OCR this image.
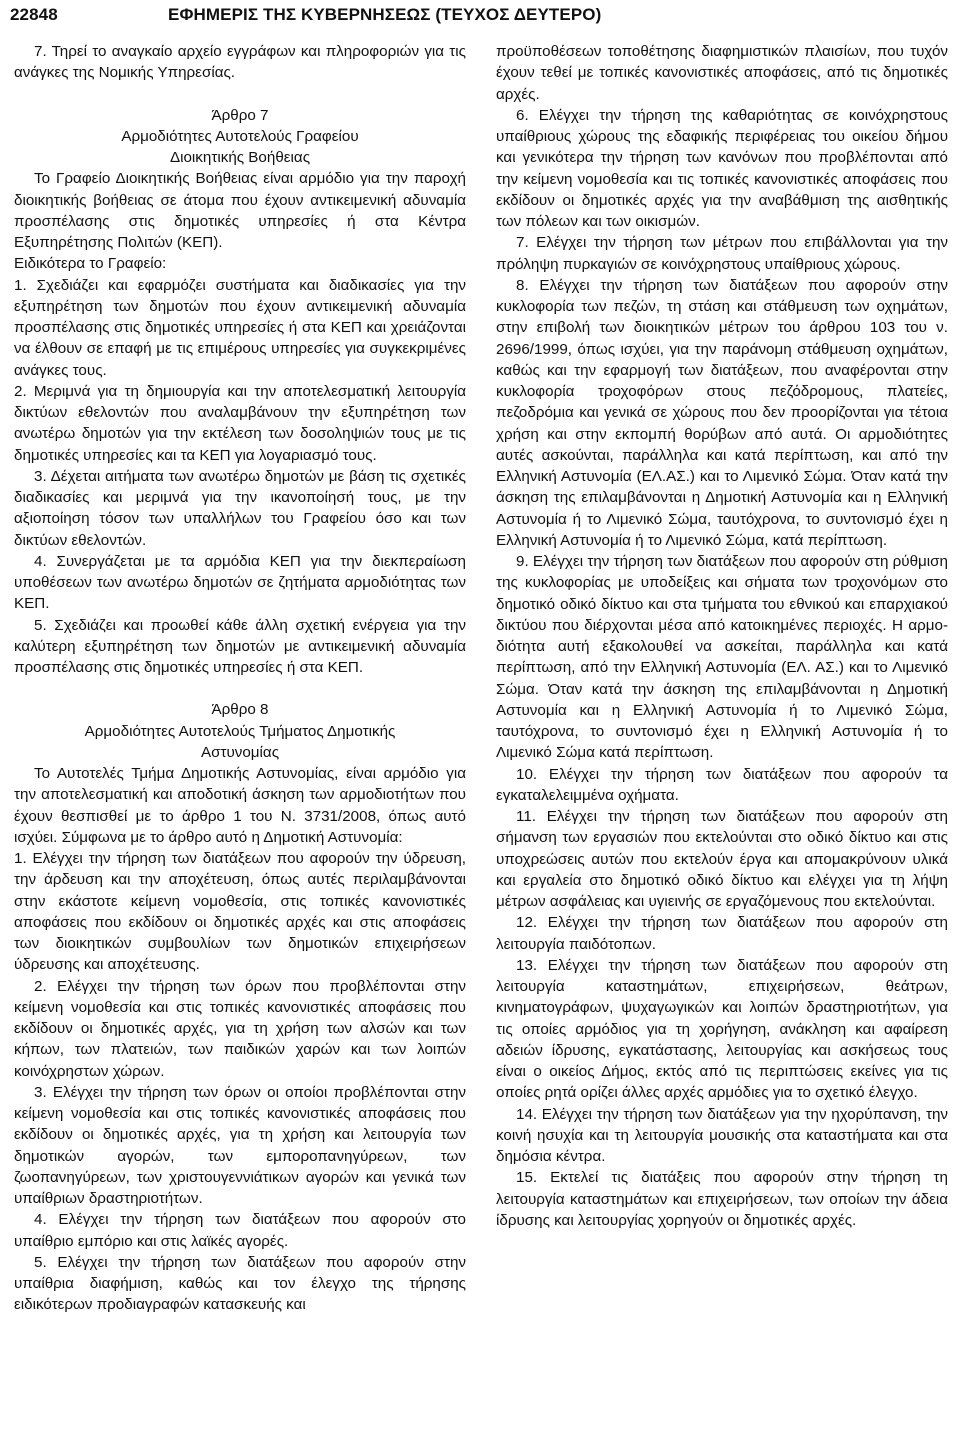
22848	ΕΦΗΜΕΡΙΣ ΤΗΣ ΚΥΒΕΡΝΗΣΕΩΣ (ΤΕΥΧΟΣ ΔΕΥΤΕΡΟ)

7. Τηρεί το αναγκαίο αρχείο εγγράφων και πληροφοριών για τις ανάγκες της Νομικής Υπηρεσίας.

Άρθρο 7

Αρμοδιότητες Αυτοτελούς Γραφείου

Διοικητικής Βοήθειας

Το Γραφείο Διοικητικής Βοήθειας είναι αρμόδιο για την παροχή διοικητικής βοήθειας σε άτομα που έχουν αντικειμενική αδυναμία προσπέλασης στις δημοτικές υπηρεσίες ή στα Κέντρα Εξυπηρέτησης Πολιτών (ΚΕΠ).

Ειδικότερα το Γραφείο:

1. Σχεδιάζει και εφαρμόζει συστήματα και διαδικασίες για την εξυπηρέτηση των δημοτών που έχουν αντικειμενική αδυναμία προσπέλασης στις δημοτικές υπηρεσίες ή στα ΚΕΠ και χρειάζονται να έλθουν σε επαφή με τις επιμέρους υπηρεσίες για συγκεκριμένες ανάγκες τους.

2. Μεριμνά για τη δημιουργία και την αποτελεσματική λειτουργία δικτύων εθελοντών που αναλαμβάνουν την εξυπηρέτηση των ανωτέρω δημοτών για την εκτέλεση των δοσοληψιών τους με τις δημοτικές υπηρεσίες και τα ΚΕΠ για λογαριασμό τους.

3. Δέχεται αιτήματα των ανωτέρω δημοτών με βάση τις σχετικές διαδικασίες και μεριμνά για την ικανοποίησή τους, με την αξιοποίηση τόσον των υπαλλήλων του Γραφείου όσο και των δικτύων εθελοντών.

4. Συνεργάζεται με τα αρμόδια ΚΕΠ για την διεκπεραίωση υποθέσεων των ανωτέρω δημοτών σε ζητήματα αρμοδιότητας των ΚΕΠ.

5. Σχεδιάζει και προωθεί κάθε άλλη σχετική ενέργεια για την καλύτερη εξυπηρέτηση των δημοτών με αντικειμενική αδυναμία προσπέλασης στις δημοτικές υπηρεσίες ή στα ΚΕΠ.

Άρθρο 8

Αρμοδιότητες Αυτοτελούς Τμήματος Δημοτικής

Αστυνομίας

Το Αυτοτελές Τμήμα Δημοτικής Αστυνομίας, είναι αρμόδιο για την αποτελεσματική και αποδοτική άσκηση των αρμοδιοτήτων που έχουν θεσπισθεί με το άρθρο 1 του Ν. 3731/2008, όπως αυτό ισχύει. Σύμφωνα με το άρθρο αυτό η Δημοτική Αστυνομία:

1. Ελέγχει την τήρηση των διατάξεων που αφορούν την ύδρευση, την άρδευση και την αποχέτευση, όπως αυτές περιλαμβάνονται στην εκάστοτε κείμενη νομοθεσία, στις τοπικές κανονιστικές αποφάσεις που εκδίδουν οι δημοτικές αρχές και στις αποφάσεις των διοικητικών συμβουλίων των δημοτικών επιχειρήσεων ύδρευσης και αποχέτευσης.

2. Ελέγχει την τήρηση των όρων που προβλέπονται στην κείμενη νομοθεσία και στις τοπικές κανονιστικές αποφάσεις που εκδίδουν οι δημοτικές αρχές, για τη χρήση των αλσών και των κήπων, των πλατειών, των παιδικών χαρών και των λοιπών κοινόχρηστων χώρων.

3. Ελέγχει την τήρηση των όρων οι οποίοι προβλέπονται στην κείμενη νομοθεσία και στις τοπικές κανονιστικές αποφάσεις που εκδίδουν οι δημοτικές αρχές, για τη χρήση και λειτουργία των δημοτικών αγορών, των εμποροπανηγύρεων, των ζωοπανηγύρεων, των χριστουγεννιάτικων αγορών και γενικά των υπαίθριων δραστηριοτήτων.

4. Ελέγχει την τήρηση των διατάξεων που αφορούν στο υπαίθριο εμπόριο και στις λαϊκές αγορές.

5. Ελέγχει την τήρηση των διατάξεων που αφορούν στην υπαίθρια διαφήμιση, καθώς και τον έλεγχο της τήρησης ειδικότερων προδιαγραφών κατασκευής και

προϋποθέσεων τοποθέτησης διαφημιστικών πλαισίων, που τυχόν έχουν τεθεί με τοπικές κανονιστικές αποφάσεις, από τις δημοτικές αρχές.

6. Ελέγχει την τήρηση της καθαριότητας σε κοινόχρηστους υπαίθριους χώρους της εδαφικής περιφέρειας του οικείου δήμου και γενικότερα την τήρηση των κανόνων που προβλέπονται από την κείμενη νομοθεσία και τις τοπικές κανονιστικές αποφάσεις που εκδίδουν οι δημοτικές αρχές για την αναβάθμιση της αισθητικής των πόλεων και των οικισμών.

7. Ελέγχει την τήρηση των μέτρων που επιβάλλονται για την πρόληψη πυρκαγιών σε κοινόχρηστους υπαίθριους χώρους.

8. Ελέγχει την τήρηση των διατάξεων που αφορούν στην κυκλοφορία των πεζών, τη στάση και στάθμευση των οχημάτων, στην επιβολή των διοικητικών μέτρων του άρθρου 103 του ν. 2696/1999, όπως ισχύει, για την παράνομη στάθμευση οχημάτων, καθώς και την εφαρμογή των διατάξεων, που αναφέρονται στην κυκλοφορία τροχοφόρων στους πεζόδρομους, πλατείες, πεζοδρόμια και γενικά σε χώρους που δεν προορίζονται για τέτοια χρήση και στην εκπομπή θορύβων από αυτά. Οι αρμοδιότητες αυτές ασκούνται, παράλληλα και κατά περίπτωση, και από την Ελληνική Αστυνομία (ΕΛ.ΑΣ.) και το Λιμενικό Σώμα. Όταν κατά την άσκηση της επιλαμβάνονται η Δημοτική Αστυνομία και η Ελληνική Αστυνομία ή το Λιμενικό Σώμα, ταυτόχρονα, το συντονισμό έχει η Ελληνική Αστυνομία ή το Λιμενικό Σώμα, κατά περίπτωση.

9. Ελέγχει την τήρηση των διατάξεων που αφορούν στη ρύθμιση της κυκλοφορίας με υποδείξεις και σήματα των τροχονόμων στο δημοτικό οδικό δίκτυο και στα τμήματα του εθνικού και επαρχιακού δικτύου που διέρχονται μέσα από κατοικημένες περιοχές. Η αρμοδιότητα αυτή εξακολουθεί να ασκείται, παράλληλα και κατά περίπτωση, από την Ελληνική Αστυνομία (ΕΛ. ΑΣ.) και το Λιμενικό Σώμα. Όταν κατά την άσκηση της επιλαμβάνονται η Δημοτική Αστυνομία και η Ελληνική Αστυνομία ή το Λιμενικό Σώμα, ταυτόχρονα, το συντονισμό έχει η Ελληνική Αστυνομία ή το Λιμενικό Σώμα κατά περίπτωση.

10. Ελέγχει την τήρηση των διατάξεων που αφορούν τα εγκαταλελειμμένα οχήματα.

11. Ελέγχει την τήρηση των διατάξεων που αφορούν στη σήμανση των εργασιών που εκτελούνται στο οδικό δίκτυο και στις υποχρεώσεις αυτών που εκτελούν έργα και απομακρύνουν υλικά και εργαλεία στο δημοτικό οδικό δίκτυο και ελέγχει για τη λήψη μέτρων ασφάλειας και υγιεινής σε εργαζόμενους που εκτελούνται.

12. Ελέγχει την τήρηση των διατάξεων που αφορούν στη λειτουργία παιδότοπων.

13. Ελέγχει την τήρηση των διατάξεων που αφορούν στη λειτουργία καταστημάτων, επιχειρήσεων, θεάτρων, κινηματογράφων, ψυχαγωγικών και λοιπών δραστηριοτήτων, για τις οποίες αρμόδιος για τη χορήγηση, ανάκληση και αφαίρεση αδειών ίδρυσης, εγκατάστασης, λειτουργίας και ασκήσεως τους είναι ο οικείος Δήμος, εκτός από τις περιπτώσεις εκείνες για τις οποίες ρητά ορίζει άλλες αρχές αρμόδιες για το σχετικό έλεγχο.

14. Ελέγχει την τήρηση των διατάξεων για την ηχορύπανση, την κοινή ησυχία και τη λειτουργία μουσικής στα καταστήματα και στα δημόσια κέντρα.

15. Εκτελεί τις διατάξεις που αφορούν στην τήρηση τη λειτουργία καταστημάτων και επιχειρήσεων, των οποίων την άδεια ίδρυσης και λειτουργίας χορηγούν οι δημοτικές αρχές.
